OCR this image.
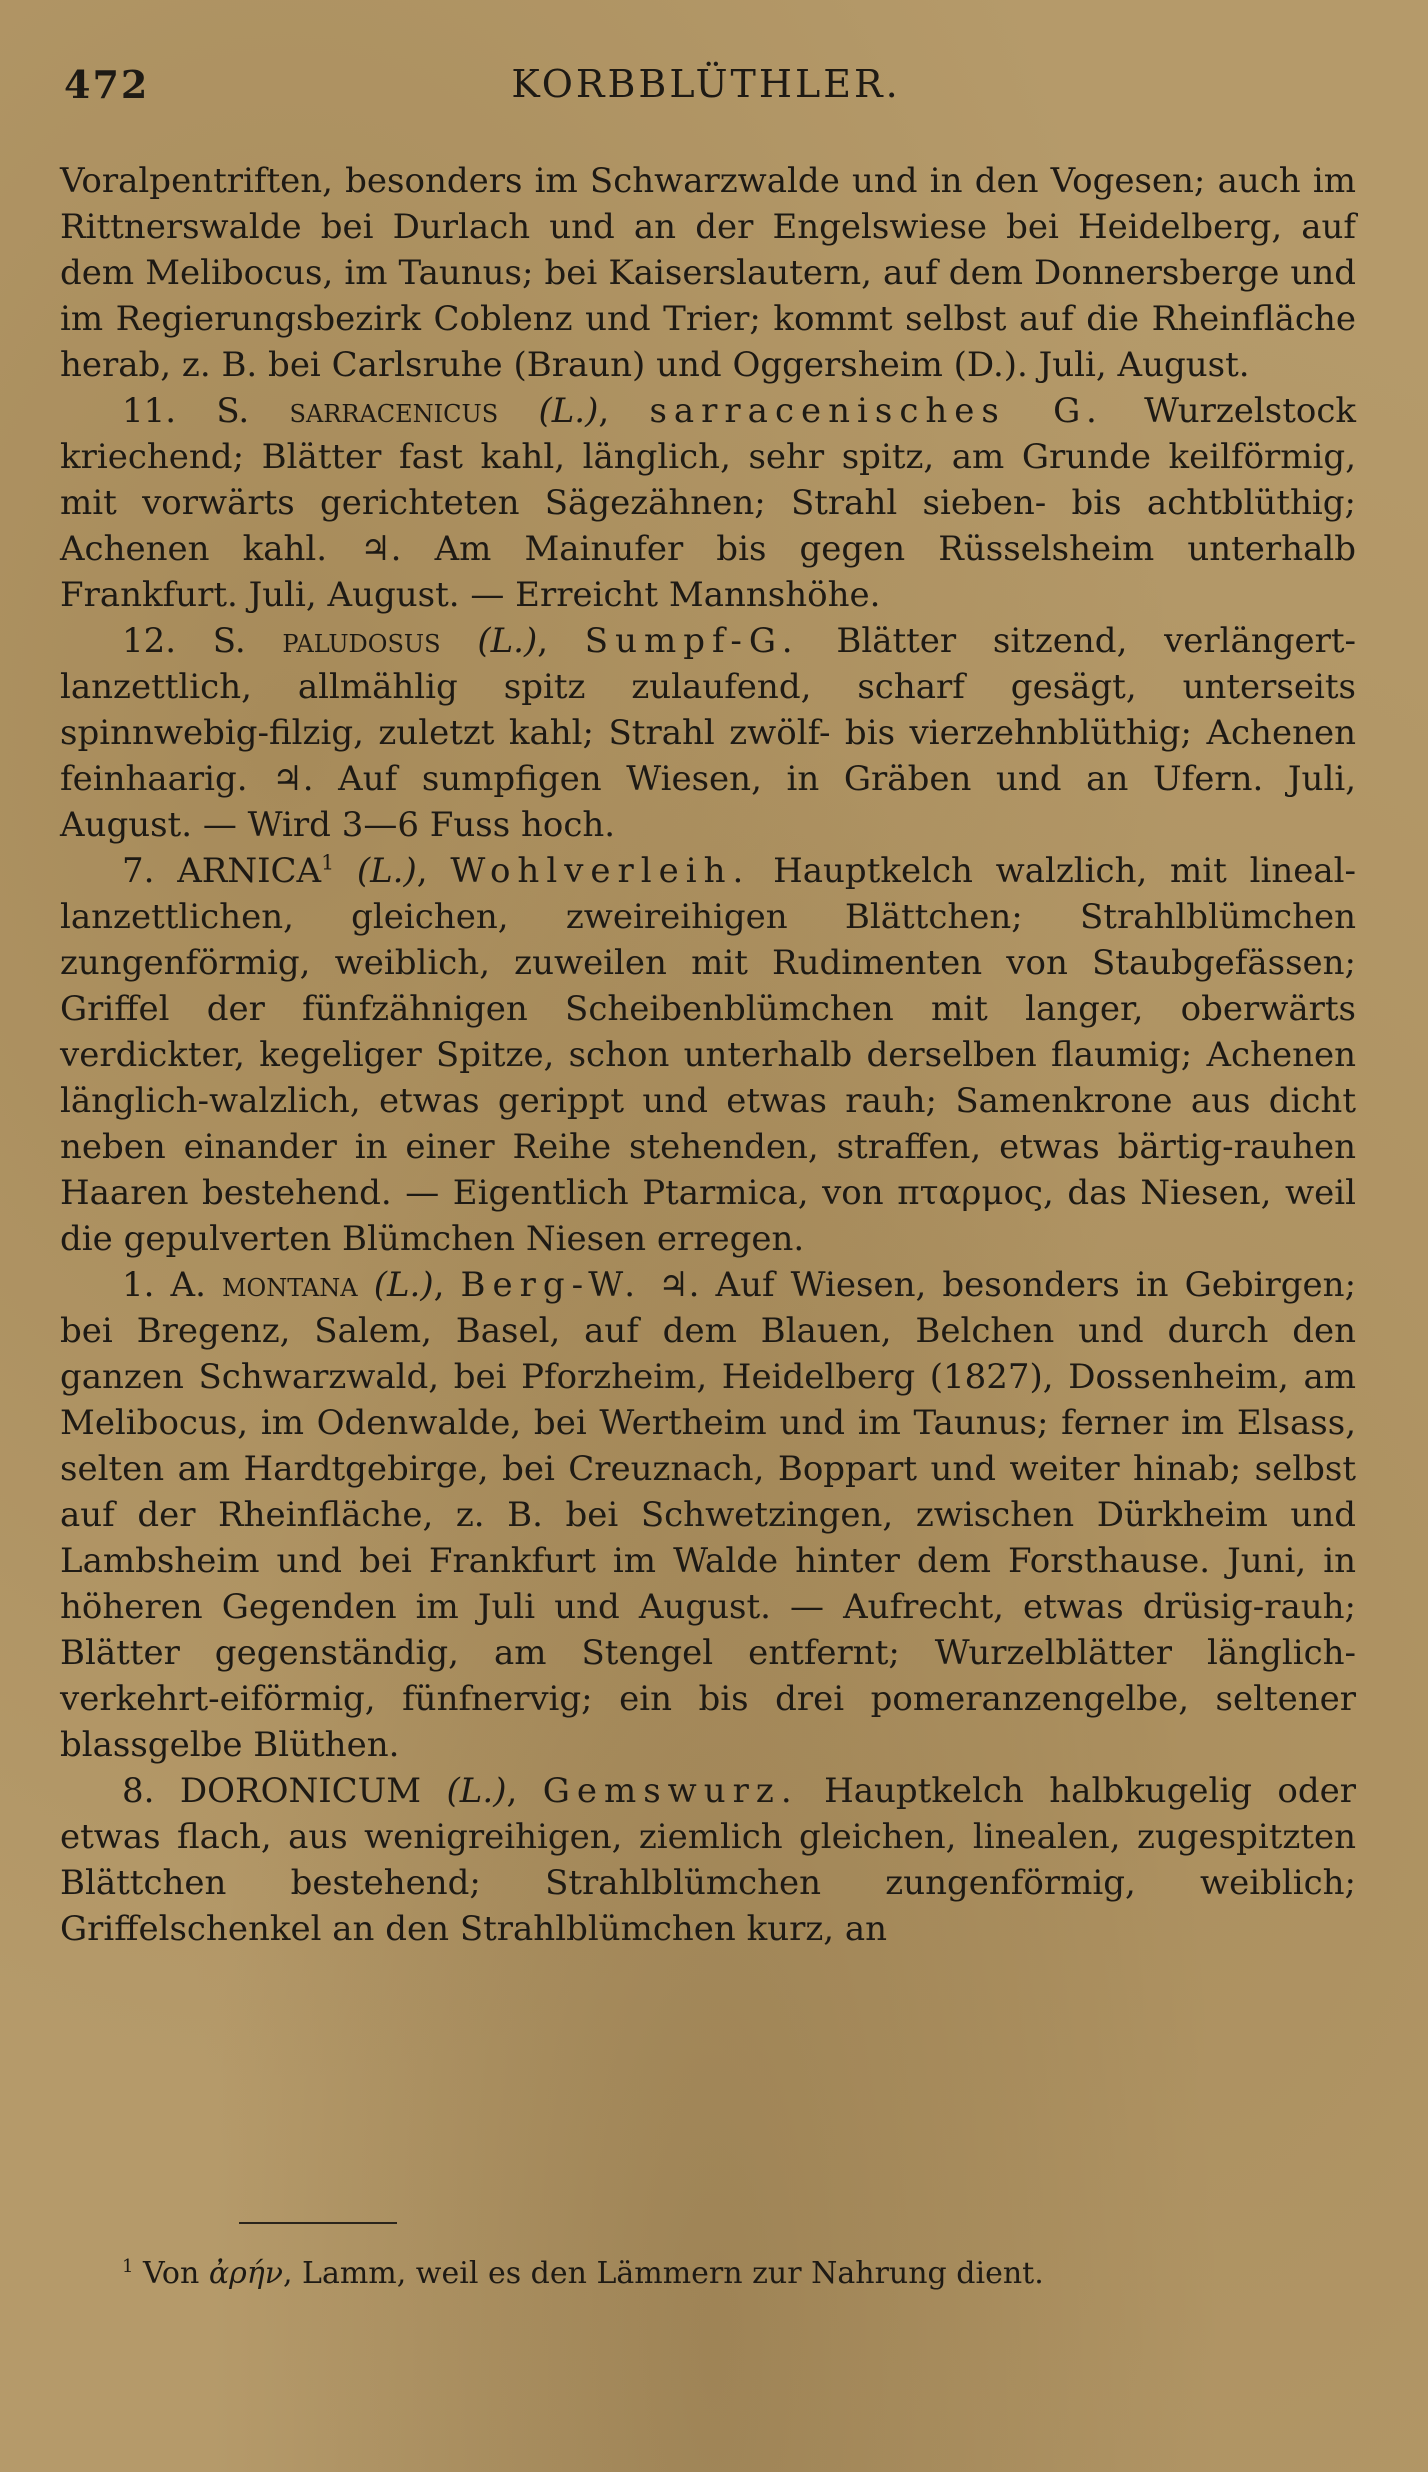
472	KORBBLÜTHLER.

Voralpentriften, besonders im Schwarzwalde und in den Vogesen; auch im Rittnerswalde bei Durlach und an der Engelswiese bei Heidelberg, auf dem Melibocus, im Taunus; bei Kaiserslautern, auf dem Donnersberge und im Regierungsbezirk Coblenz und Trier; kommt selbst auf die Rheinfläche herab, z. B. bei Carlsruhe (Braun) und Oggersheim (D.). Juli, August.

11. S. sarracenicus (L.), sarracenisches G. Wurzelstock kriechend; Blätter fast kahl, länglich, sehr spitz, am Grunde keilförmig, mit vorwärts gerichteten Sägezähnen; Strahl sieben- bis achtblüthig; Achenen kahl. ♃. Am Mainufer bis gegen Rüsselsheim unterhalb Frankfurt. Juli, August. — Erreicht Mannshöhe.

12. S. paludosus (L.), Sumpf-G. Blätter sitzend, verlängert-lanzettlich, allmählig spitz zulaufend, scharf gesägt, unterseits spinnwebig-filzig, zuletzt kahl; Strahl zwölf- bis vierzehnblüthig; Achenen feinhaarig. ♃. Auf sumpfigen Wiesen, in Gräben und an Ufern. Juli, August. — Wird 3—6 Fuss hoch.

7. ARNICA$^1$ (L.), Wohlverleih. Hauptkelch walzlich, mit lineal-lanzettlichen, gleichen, zweireihigen Blättchen; Strahlblümchen zungenförmig, weiblich, zuweilen mit Rudimenten von Staubgefässen; Griffel der fünfzähnigen Scheibenblümchen mit langer, oberwärts verdickter, kegeliger Spitze, schon unterhalb derselben flaumig; Achenen länglich-walzlich, etwas gerippt und etwas rauh; Samenkrone aus dicht neben einander in einer Reihe stehenden, straffen, etwas bärtig-rauhen Haaren bestehend. — Eigentlich Ptarmica, von πταρμος, das Niesen, weil die gepulverten Blümchen Niesen erregen.

1. A. montana (L.), Berg-W. ♃. Auf Wiesen, besonders in Gebirgen; bei Bregenz, Salem, Basel, auf dem Blauen, Belchen und durch den ganzen Schwarzwald, bei Pforzheim, Heidelberg (1827), Dossenheim, am Melibocus, im Odenwalde, bei Wertheim und im Taunus; ferner im Elsass, selten am Hardtgebirge, bei Creuznach, Boppart und weiter hinab; selbst auf der Rheinfläche, z. B. bei Schwetzingen, zwischen Dürkheim und Lambsheim und bei Frankfurt im Walde hinter dem Forsthause. Juni, in höheren Gegenden im Juli und August. — Aufrecht, etwas drüsig-rauh; Blätter gegenständig, am Stengel entfernt; Wurzelblätter länglich-verkehrt-eiförmig, fünfnervig; ein bis drei pomeranzengelbe, seltener blassgelbe Blüthen.

8. DORONICUM (L.), Gemswurz. Hauptkelch halbkugelig oder etwas flach, aus wenigreihigen, ziemlich gleichen, linealen, zugespitzten Blättchen bestehend; Strahlblümchen zungenförmig, weiblich; Griffelschenkel an den Strahlblümchen kurz, an

$^1$ Von ἀρήν, Lamm, weil es den Lämmern zur Nahrung dient.
